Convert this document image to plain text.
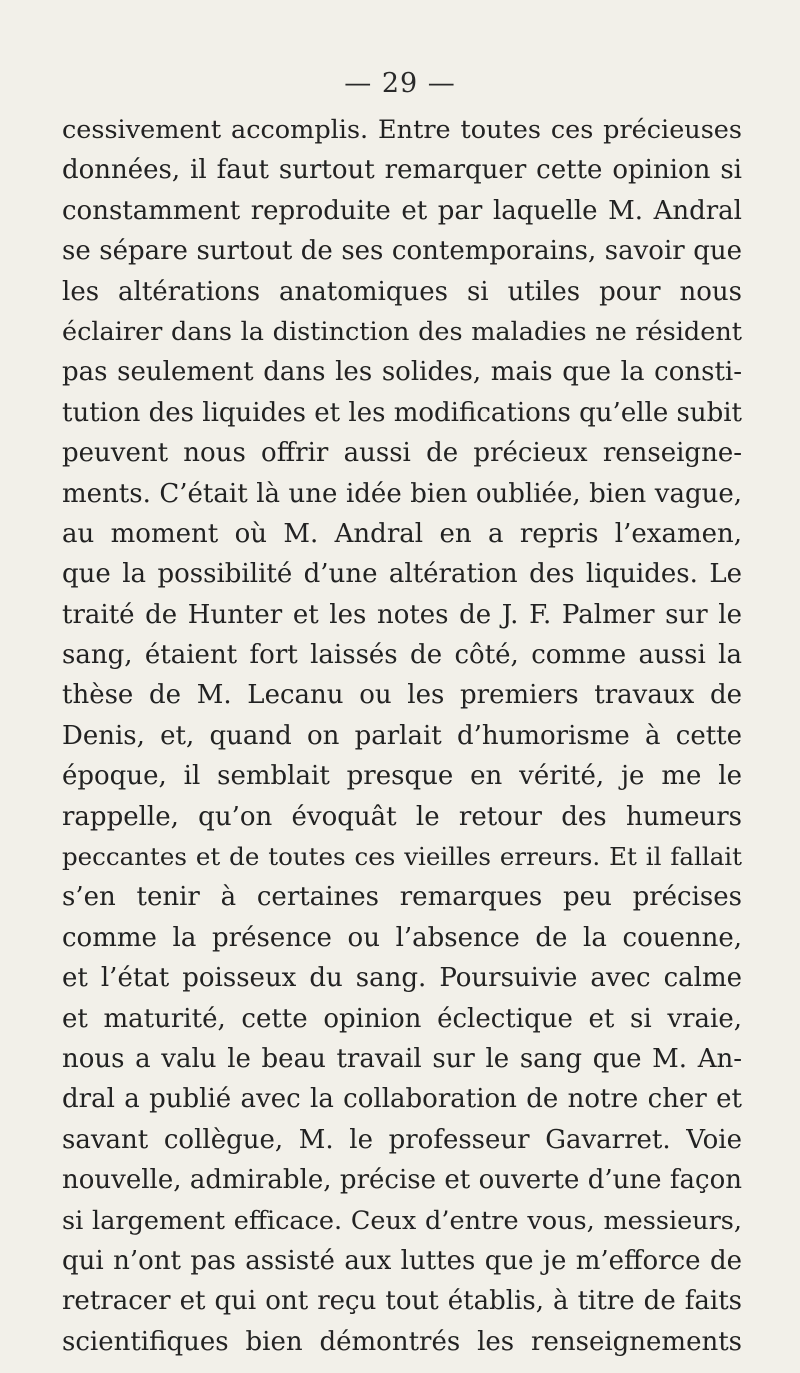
— 29 —
cessivement accomplis. Entre toutes ces précieuses
données, il faut surtout remarquer cette opinion si
constamment reproduite et par laquelle M. Andral
se sépare surtout de ses contemporains, savoir que
les altérations anatomiques si utiles pour nous
éclairer dans la distinction des maladies ne résident
pas seulement dans les solides, mais que la consti-
tution des liquides et les modifications qu’elle subit
peuvent nous offrir aussi de précieux renseigne-
ments. C’était là une idée bien oubliée, bien vague,
au moment où M. Andral en a repris l’examen,
que la possibilité d’une altération des liquides. Le
traité de Hunter et les notes de J. F. Palmer sur le
sang, étaient fort laissés de côté, comme aussi la
thèse de M. Lecanu ou les premiers travaux de
Denis, et, quand on parlait d’humorisme à cette
époque, il semblait presque en vérité, je me le
rappelle, qu’on évoquât le retour des humeurs
peccantes et de toutes ces vieilles erreurs. Et il fallait
s’en tenir à certaines remarques peu précises
comme la présence ou l’absence de la couenne,
et l’état poisseux du sang. Poursuivie avec calme
et maturité, cette opinion éclectique et si vraie,
nous a valu le beau travail sur le sang que M. An-
dral a publié avec la collaboration de notre cher et
savant collègue, M. le professeur Gavarret. Voie
nouvelle, admirable, précise et ouverte d’une façon
si largement efficace. Ceux d’entre vous, messieurs,
qui n’ont pas assisté aux luttes que je m’efforce de
retracer et qui ont reçu tout établis, à titre de faits
scientifiques bien démontrés les renseignements
